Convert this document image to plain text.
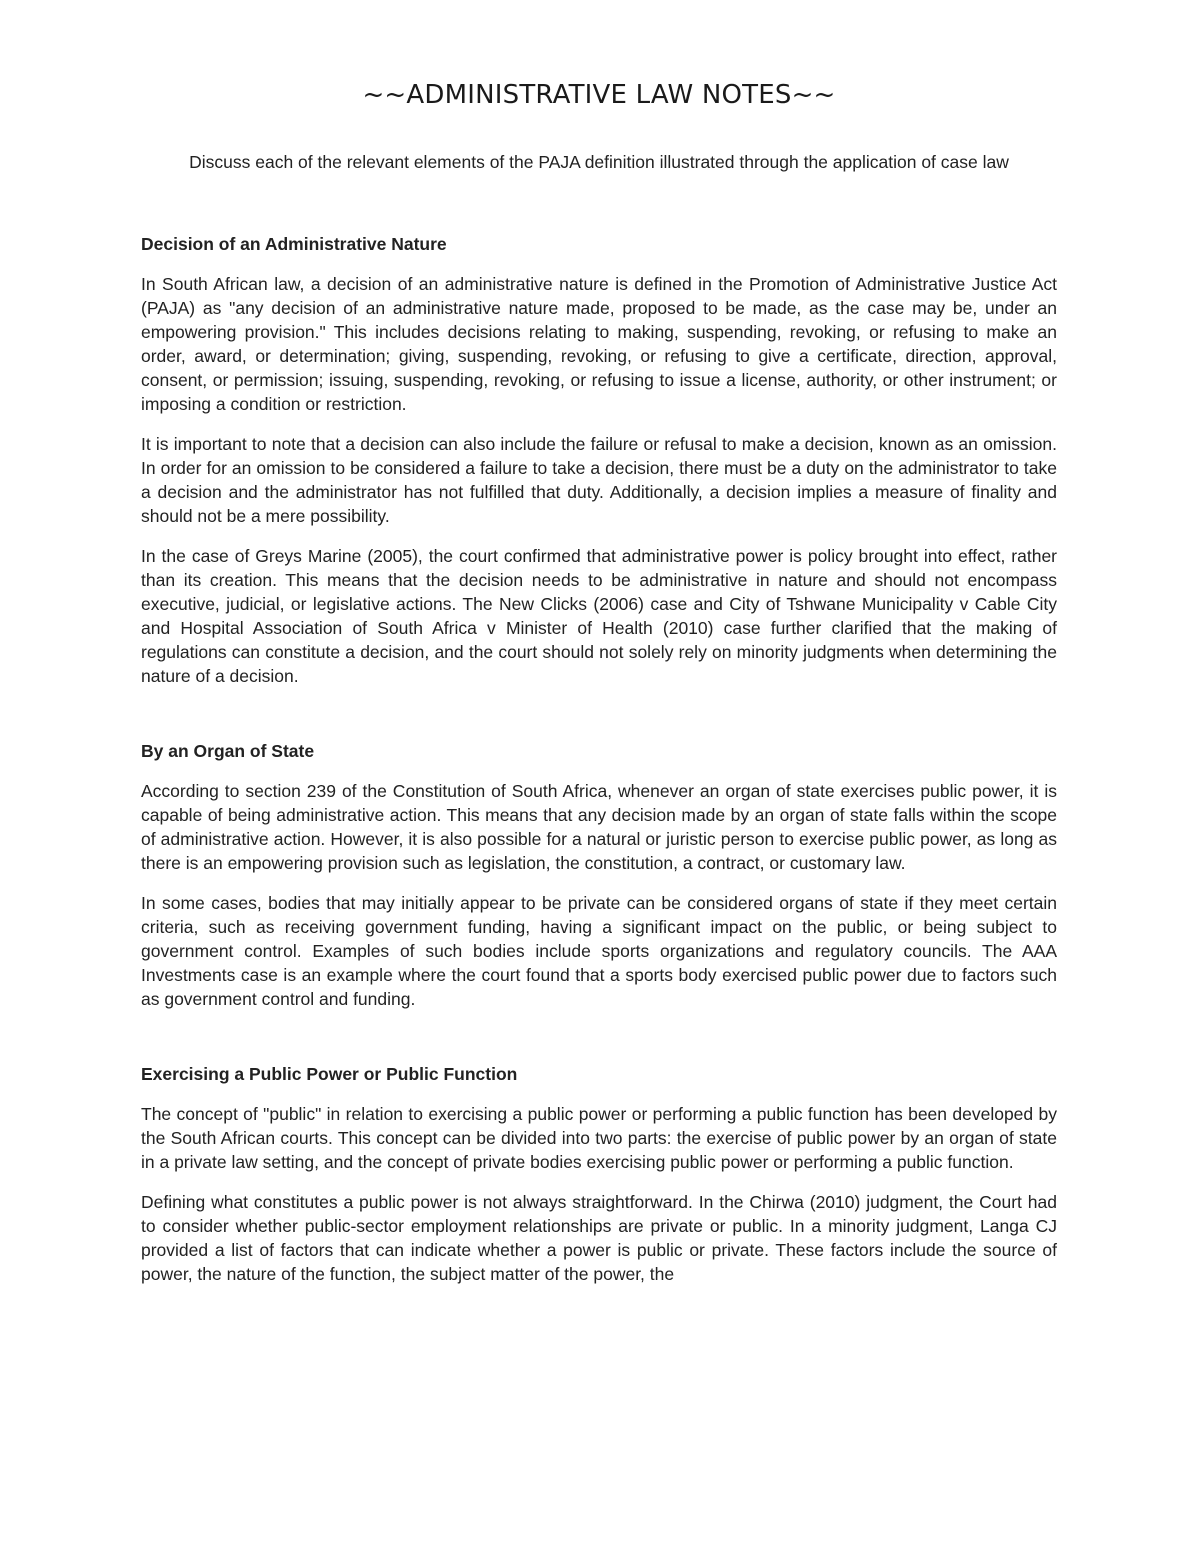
~~ADMINISTRATIVE LAW NOTES~~

Discuss each of the relevant elements of the PAJA definition illustrated through the application of case law

Decision of an Administrative Nature

In South African law, a decision of an administrative nature is defined in the Promotion of Administrative Justice Act (PAJA) as "any decision of an administrative nature made, proposed to be made, as the case may be, under an empowering provision." This includes decisions relating to making, suspending, revoking, or refusing to make an order, award, or determination; giving, suspending, revoking, or refusing to give a certificate, direction, approval, consent, or permission; issuing, suspending, revoking, or refusing to issue a license, authority, or other instrument; or imposing a condition or restriction.

It is important to note that a decision can also include the failure or refusal to make a decision, known as an omission. In order for an omission to be considered a failure to take a decision, there must be a duty on the administrator to take a decision and the administrator has not fulfilled that duty. Additionally, a decision implies a measure of finality and should not be a mere possibility.

In the case of Greys Marine (2005), the court confirmed that administrative power is policy brought into effect, rather than its creation. This means that the decision needs to be administrative in nature and should not encompass executive, judicial, or legislative actions. The New Clicks (2006) case and City of Tshwane Municipality v Cable City and Hospital Association of South Africa v Minister of Health (2010) case further clarified that the making of regulations can constitute a decision, and the court should not solely rely on minority judgments when determining the nature of a decision.

By an Organ of State

According to section 239 of the Constitution of South Africa, whenever an organ of state exercises public power, it is capable of being administrative action. This means that any decision made by an organ of state falls within the scope of administrative action. However, it is also possible for a natural or juristic person to exercise public power, as long as there is an empowering provision such as legislation, the constitution, a contract, or customary law.

In some cases, bodies that may initially appear to be private can be considered organs of state if they meet certain criteria, such as receiving government funding, having a significant impact on the public, or being subject to government control. Examples of such bodies include sports organizations and regulatory councils. The AAA Investments case is an example where the court found that a sports body exercised public power due to factors such as government control and funding.

Exercising a Public Power or Public Function

The concept of "public" in relation to exercising a public power or performing a public function has been developed by the South African courts. This concept can be divided into two parts: the exercise of public power by an organ of state in a private law setting, and the concept of private bodies exercising public power or performing a public function.

Defining what constitutes a public power is not always straightforward. In the Chirwa (2010) judgment, the Court had to consider whether public-sector employment relationships are private or public. In a minority judgment, Langa CJ provided a list of factors that can indicate whether a power is public or private. These factors include the source of power, the nature of the function, the subject matter of the power, the
